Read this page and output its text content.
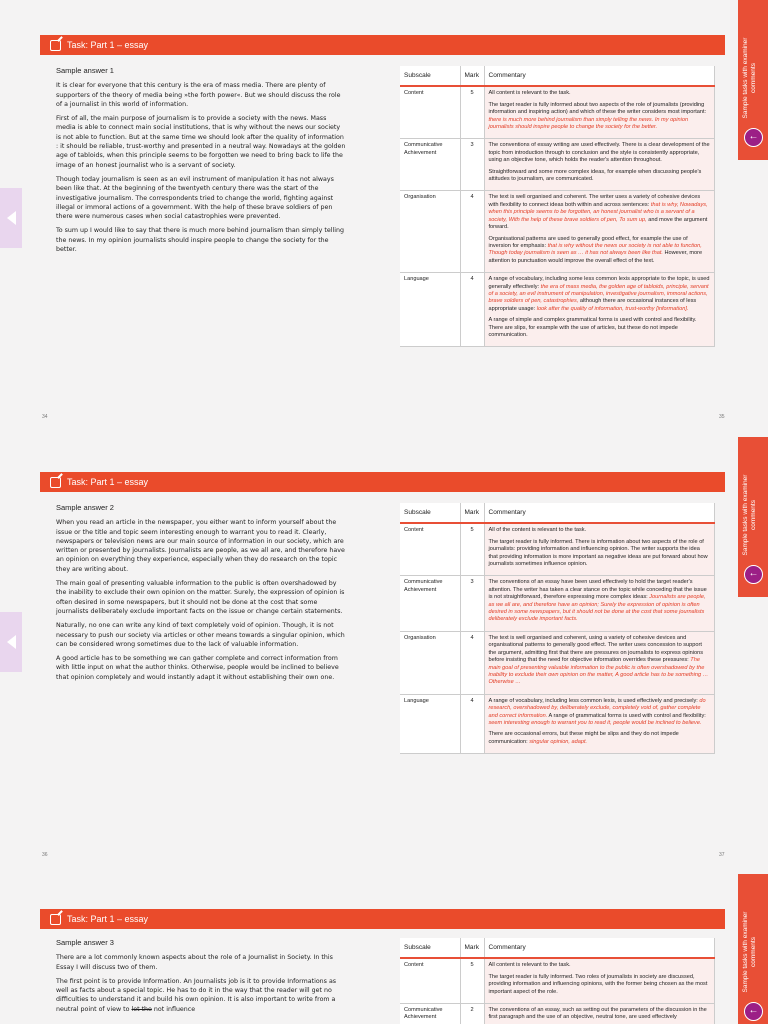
Sample tasks with examiner comments
←
Task: Part 1 – essay
Sample answer 1

It is clear for everyone that this century is the era of mass media. There are plenty of supporters of the theory of media being »the forth power«. But we should discuss the role of a journalist in this world of information.

First of all, the main purpose of journalism is to provide a society with the news. Mass media is able to connect main social institutions, that is why without the news our society is not able to function. But at the same time we should look after the quality of information : it should be reliable, trust-worthy and presented in a neutral way. Nowadays at the golden age of tabloids, when this principle seems to be forgotten we need to bring back to life the image of an honest journalist who is a servant of society.

Though today journalism is seen as an evil instrument of manipulation it has not always been like that. At the beginning of the twentyeth century there was the start of the investigative journalism. The correspondents tried to change the world, fighting against illegal or immoral actions of a government. With the help of these brave soldiers of pen there were numerous cases when social catastrophies were prevented.

To sum up I would like to say that there is much more behind journalism than simply telling the news. In my opinion journalists should inspire people to change the society for the better.

Subscale	Mark	Commentary
Content	5	All content is relevant to the task.

The target reader is fully informed about two aspects of the role of journalists (providing information and inspiring action) and which of these the writer considers most important: there is much more behind journalism than simply telling the news. In my opinion journalists should inspire people to change the society for the better.

Communicative Achievement	3	The conventions of essay writing are used effectively. There is a clear development of the topic from introduction through to conclusion and the style is consistently appropriate, using an objective tone, which holds the reader's attention throughout.

Straightforward and some more complex ideas, for example when discussing people's attitudes to journalism, are communicated.

Organisation	4	The text is well organised and coherent. The writer uses a variety of cohesive devices with flexibility to connect ideas both within and across sentences: that is why, Nowadays, when this principle seems to be forgotten, an honest journalist who is a servant of a society, With the help of these brave soldiers of pen, To sum up, and move the argument forward.

Organisational patterns are used to generally good effect, for example the use of inversion for emphasis: that is why without the news our society is not able to function, Though today journalism is seen as … it has not always been like that. However, more attention to punctuation would improve the overall effect of the text.

Language	4	A range of vocabulary, including some less common lexis appropriate to the topic, is used generally effectively: the era of mass media, the golden age of tabloids, principle, servant of a society, an evil instrument of manipulation, investigative journalism, immoral actions, brave soldiers of pen, catastrophies, although there are occasional instances of less appropriate usage: look after the quality of information, trust-worthy [information].

A range of simple and complex grammatical forms is used with control and flexibility. There are slips, for example with the use of articles, but these do not impede communication.

34	35
Sample tasks with examiner comments
←
Task: Part 1 – essay
Sample answer 2

When you read an article in the newspaper, you either want to inform yourself about the issue or the title and topic seem interesting enough to warrant you to read it. Clearly, newspapers or television news are our main source of information in our society, which are written or presented by journalists. Journalists are people, as we all are, and therefore have an opinion on everything they experience, especially when they do research on the topic they are writing about.

The main goal of presenting valuable information to the public is often overshadowed by the inability to exclude their own opinion on the matter. Surely, the expression of opinion is often desired in some newspapers, but it should not be done at the cost that some journalists deliberately exclude important facts on the issue or change certain statements.

Naturally, no one can write any kind of text completely void of opinion. Though, it is not necessary to push our society via articles or other means towards a singular opinion, which can be considered wrong sometimes due to the lack of valuable information.

A good article has to be something we can gather complete and correct information from with little input on what the author thinks. Otherwise, people would be inclined to believe that opinion completely and would instantly adapt it without establishing their own one.

Subscale	Mark	Commentary
Content	5	All of the content is relevant to the task.

The target reader is fully informed. There is information about two aspects of the role of journalists: providing information and influencing opinion. The writer supports the idea that providing information is more important as negative ideas are put forward about how journalists sometimes influence opinion.

Communicative Achievement	3	The conventions of an essay have been used effectively to hold the target reader's attention. The writer has taken a clear stance on the topic while conceding that the issue is not straightforward, therefore expressing more complex ideas: Journalists are people, as we all are, and therefore have an opinion; Surely the expression of opinion is often desired in some newspapers, but it should not be done at the cost that some journalists deliberately exclude important facts.

Organisation	4	The text is well organised and coherent, using a variety of cohesive devices and organisational patterns to generally good effect. The writer uses concession to support the argument, admitting first that there are pressures on journalists to express opinions before insisting that the need for objective information overrides these pressures: The main goal of presenting valuable information to the public is often overshadowed by the inability to exclude their own opinion on the matter, A good article has to be something … Otherwise …

Language	4	A range of vocabulary, including less common lexis, is used effectively and precisely: do research, overshadowed by, deliberately exclude, completely void of, gather complete and correct information. A range of grammatical forms is used with control and flexibility: seem interesting enough to warrant you to read it, people would be inclined to believe.

There are occasional errors, but these might be slips and they do not impede communication: singular opinion, adapt.

36	37
Sample tasks with examiner comments
←
Task: Part 1 – essay
Sample answer 3

There are a lot commonly known aspects about the role of a Journalist in Society. In this Essay I will discuss two of them.

The first point is to provide Information. An Journalists job is it to provide Informations as well as facts about a special topic. He has to do it in the way that the reader will get no difficulties to understand it and build his own opinion. It is also important to write from a neutral point of view to let the not influence

Subscale	Mark	Commentary
Content	5	All content is relevant to the task.

The target reader is fully informed. Two roles of journalists in society are discussed, providing information and influencing opinions, with the former being chosen as the most important aspect of the role.

Communicative Achievement	2	The conventions of an essay, such as setting out the parameters of the discussion in the first paragraph and the use of an objective, neutral tone, are used effectively
